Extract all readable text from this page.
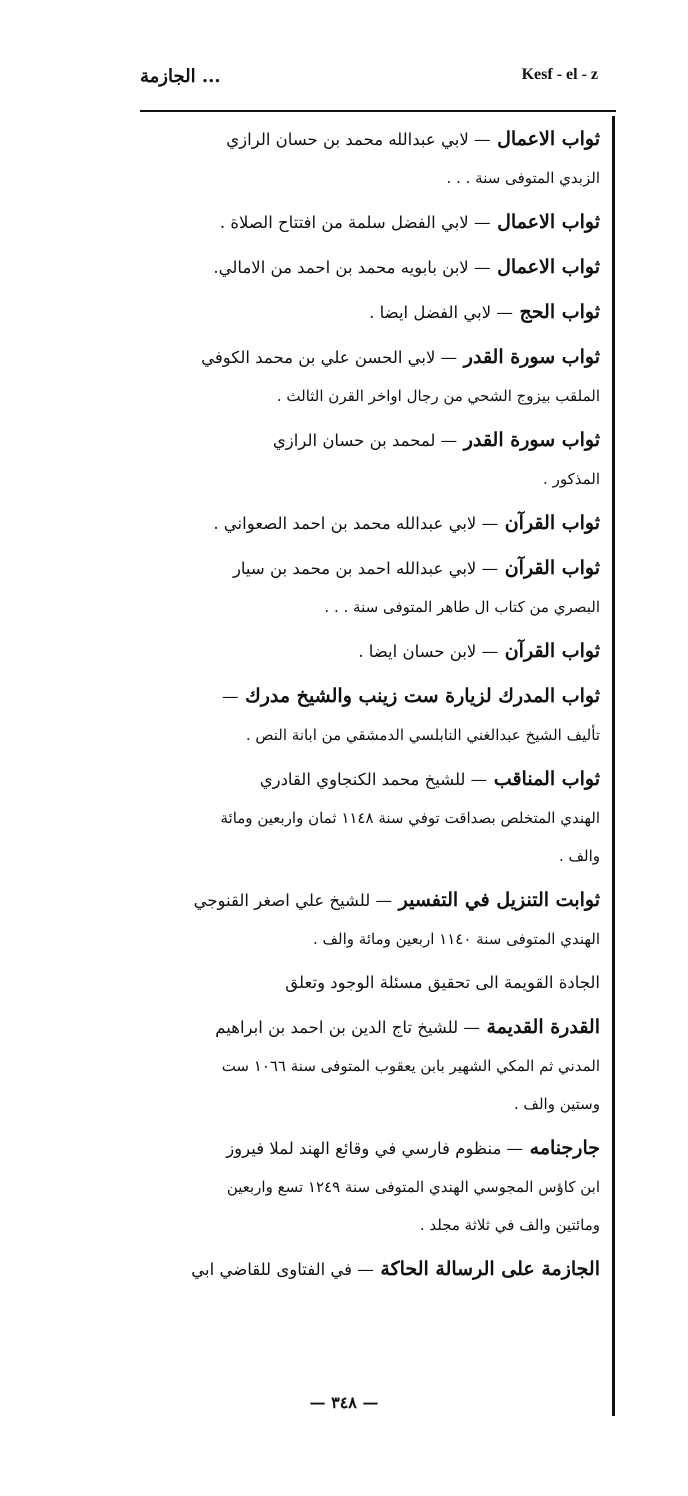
الجازمة ...	Kesf - el - z
ثواب الاعمال — لابي عبدالله محمد بن حسان الرازي
الزبدي المتوفى سنة . . .
ثواب الاعمال — لابي الفضل سلمة من افتتاح الصلاة .
ثواب الاعمال — لابن بابويه محمد بن احمد من الامالي.
ثواب الحج — لابي الفضل ايضا .
ثواب سورة القدر — لابي الحسن علي بن محمد الكوفي
الملقب بيزوج الشحي من رجال اواخر القرن الثالث .
ثواب سورة القدر — لمحمد بن حسان الرازي
المذكور .
ثواب القرآن — لابي عبدالله محمد بن احمد الصعواني .
ثواب القرآن — لابي عبدالله احمد بن محمد بن سيار
البصري من كتاب ال طاهر المتوفى سنة . . .
ثواب القرآن — لابن حسان ايضا .
ثواب المدرك لزيارة ست زينب والشيخ مدرك —
تأليف الشيخ عبدالغني النابلسي الدمشقي من ابانة النص .
ثواب المناقب — للشيخ محمد الكنجاوي القادري
الهندي المتخلص بصداقت توفي سنة ١١٤٨ ثمان واربعين ومائة
والف .
ثوابت التنزيل في التفسير — للشيخ علي اصغر القنوجي
الهندي المتوفى سنة ١١٤٠ اربعين ومائة والف .
الجادة القويمة الى تحقيق مسئلة الوجود وتعلق
القدرة القديمة — للشيخ تاج الدين بن احمد بن ابراهيم
المدني ثم المكي الشهير بابن يعقوب المتوفى سنة ١٠٦٦ ست
وستين والف .
جارجنامه — منظوم فارسي في وقائع الهند لملا فيروز
ابن كاؤس المجوسي الهندي المتوفى سنة ١٢٤٩ تسع واربعين
ومائتين والف في ثلاثة مجلد .
الجازمة على الرسالة الحاكة — في الفتاوى للقاضي ابي
— ٣٤٨ —
